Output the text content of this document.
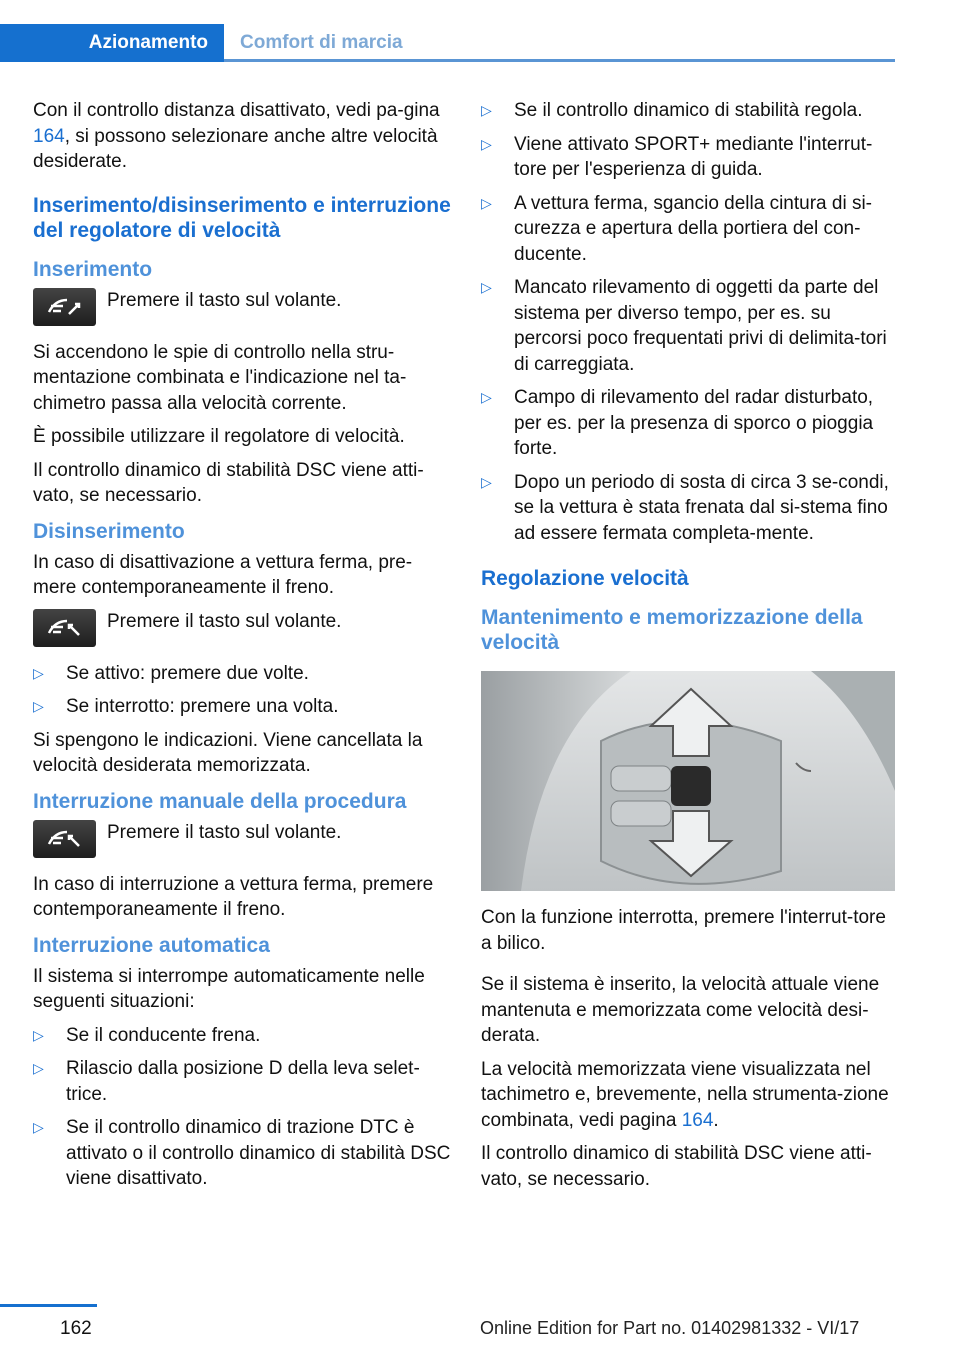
Azionamento	Comfort di marcia

Con il controllo distanza disattivato, vedi pa‐gina 164, si possono selezionare anche altre velocità desiderate.

Inserimento/disinserimento e interruzione del regolatore di velocità
Inserimento
Premere il tasto sul volante.

Si accendono le spie di controllo nella stru‐mentazione combinata e l'indicazione nel ta‐chimetro passa alla velocità corrente.

È possibile utilizzare il regolatore di velocità.

Il controllo dinamico di stabilità DSC viene atti‐vato, se necessario.

Disinserimento

In caso di disattivazione a vettura ferma, pre‐mere contemporaneamente il freno.

Premere il tasto sul volante.
▷ Se attivo: premere due volte.
▷ Se interrotto: premere una volta.

Si spengono le indicazioni. Viene cancellata la velocità desiderata memorizzata.

Interruzione manuale della procedura
Premere il tasto sul volante.

In caso di interruzione a vettura ferma, premere contemporaneamente il freno.

Interruzione automatica

Il sistema si interrompe automaticamente nelle seguenti situazioni:

▷ Se il conducente frena.
▷ Rilascio dalla posizione D della leva selet‐trice.
▷ Se il controllo dinamico di trazione DTC è attivato o il controllo dinamico di stabilità DSC viene disattivato.
▷ Se il controllo dinamico di stabilità regola.
▷ Viene attivato SPORT+ mediante l'interrut‐tore per l'esperienza di guida.
▷ A vettura ferma, sgancio della cintura di si‐curezza e apertura della portiera del con‐ducente.
▷ Mancato rilevamento di oggetti da parte del sistema per diverso tempo, per es. su percorsi poco frequentati privi di delimita‐tori di carreggiata.
▷ Campo di rilevamento del radar disturbato, per es. per la presenza di sporco o pioggia forte.
▷ Dopo un periodo di sosta di circa 3 se‐condi, se la vettura è stata frenata dal si‐stema fino ad essere fermata completa‐mente.
Regolazione velocità
Mantenimento e memorizzazione della velocità

Con la funzione interrotta, premere l'interrut‐tore a bilico.

Se il sistema è inserito, la velocità attuale viene mantenuta e memorizzata come velocità desi‐derata.

La velocità memorizzata viene visualizzata nel tachimetro e, brevemente, nella strumenta‐zione combinata, vedi pagina 164.

Il controllo dinamico di stabilità DSC viene atti‐vato, se necessario.

162	Online Edition for Part no. 01402981332 - VI/17
